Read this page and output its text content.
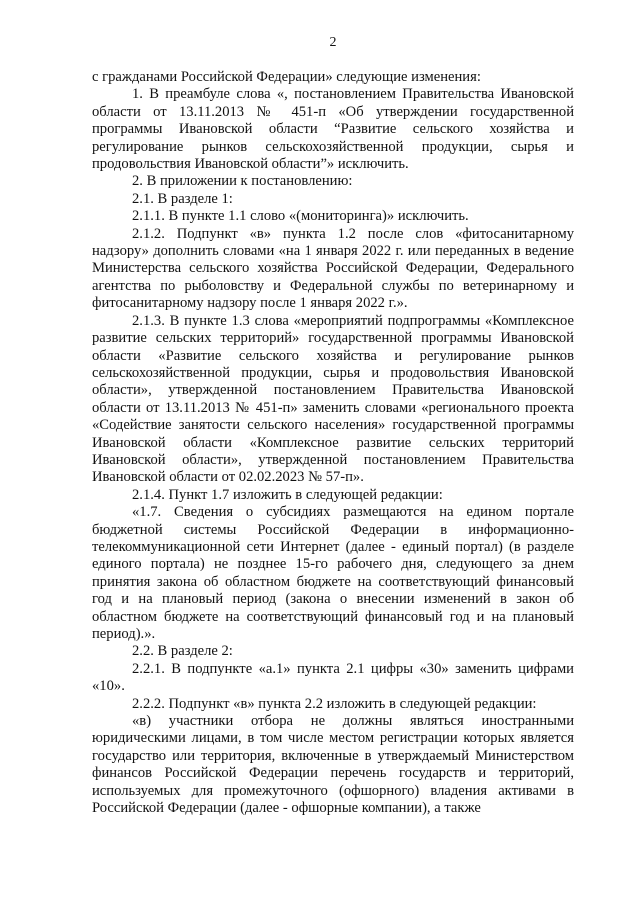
2

с гражданами Российской Федерации» следующие изменения:

1. В преамбуле слова «, постановлением Правительства Ивановской области от 13.11.2013 № 451-п «Об утверждении государственной программы Ивановской области “Развитие сельского хозяйства и регулирование рынков сельскохозяйственной продукции, сырья и продовольствия Ивановской области”» исключить.

2. В приложении к постановлению:

2.1. В разделе 1:

2.1.1. В пункте 1.1 слово «(мониторинга)» исключить.

2.1.2. Подпункт «в» пункта 1.2 после слов «фитосанитарному надзору» дополнить словами «на 1 января 2022 г. или переданных в ведение Министерства сельского хозяйства Российской Федерации, Федерального агентства по рыболовству и Федеральной службы по ветеринарному и фитосанитарному надзору после 1 января 2022 г.».

2.1.3. В пункте 1.3 слова «мероприятий подпрограммы «Комплексное развитие сельских территорий» государственной программы Ивановской области «Развитие сельского хозяйства и регулирование рынков сельскохозяйственной продукции, сырья и продовольствия Ивановской области», утвержденной постановлением Правительства Ивановской области от 13.11.2013 № 451-п» заменить словами «регионального проекта «Содействие занятости сельского населения» государственной программы Ивановской области «Комплексное развитие сельских территорий Ивановской области», утвержденной постановлением Правительства Ивановской области от 02.02.2023 № 57-п».

2.1.4. Пункт 1.7 изложить в следующей редакции:

«1.7. Сведения о субсидиях размещаются на едином портале бюджетной системы Российской Федерации в информационно-телекоммуникационной сети Интернет (далее - единый портал) (в разделе единого портала) не позднее 15-го рабочего дня, следующего за днем принятия закона об областном бюджете на соответствующий финансовый год и на плановый период (закона о внесении изменений в закон об областном бюджете на соответствующий финансовый год и на плановый период).».

2.2. В разделе 2:

2.2.1. В подпункте «а.1» пункта 2.1 цифры «30» заменить цифрами «10».

2.2.2. Подпункт «в» пункта 2.2 изложить в следующей редакции:

«в) участники отбора не должны являться иностранными юридическими лицами, в том числе местом регистрации которых является государство или территория, включенные в утверждаемый Министерством финансов Российской Федерации перечень государств и территорий, используемых для промежуточного (офшорного) владения активами в Российской Федерации (далее - офшорные компании), а также
